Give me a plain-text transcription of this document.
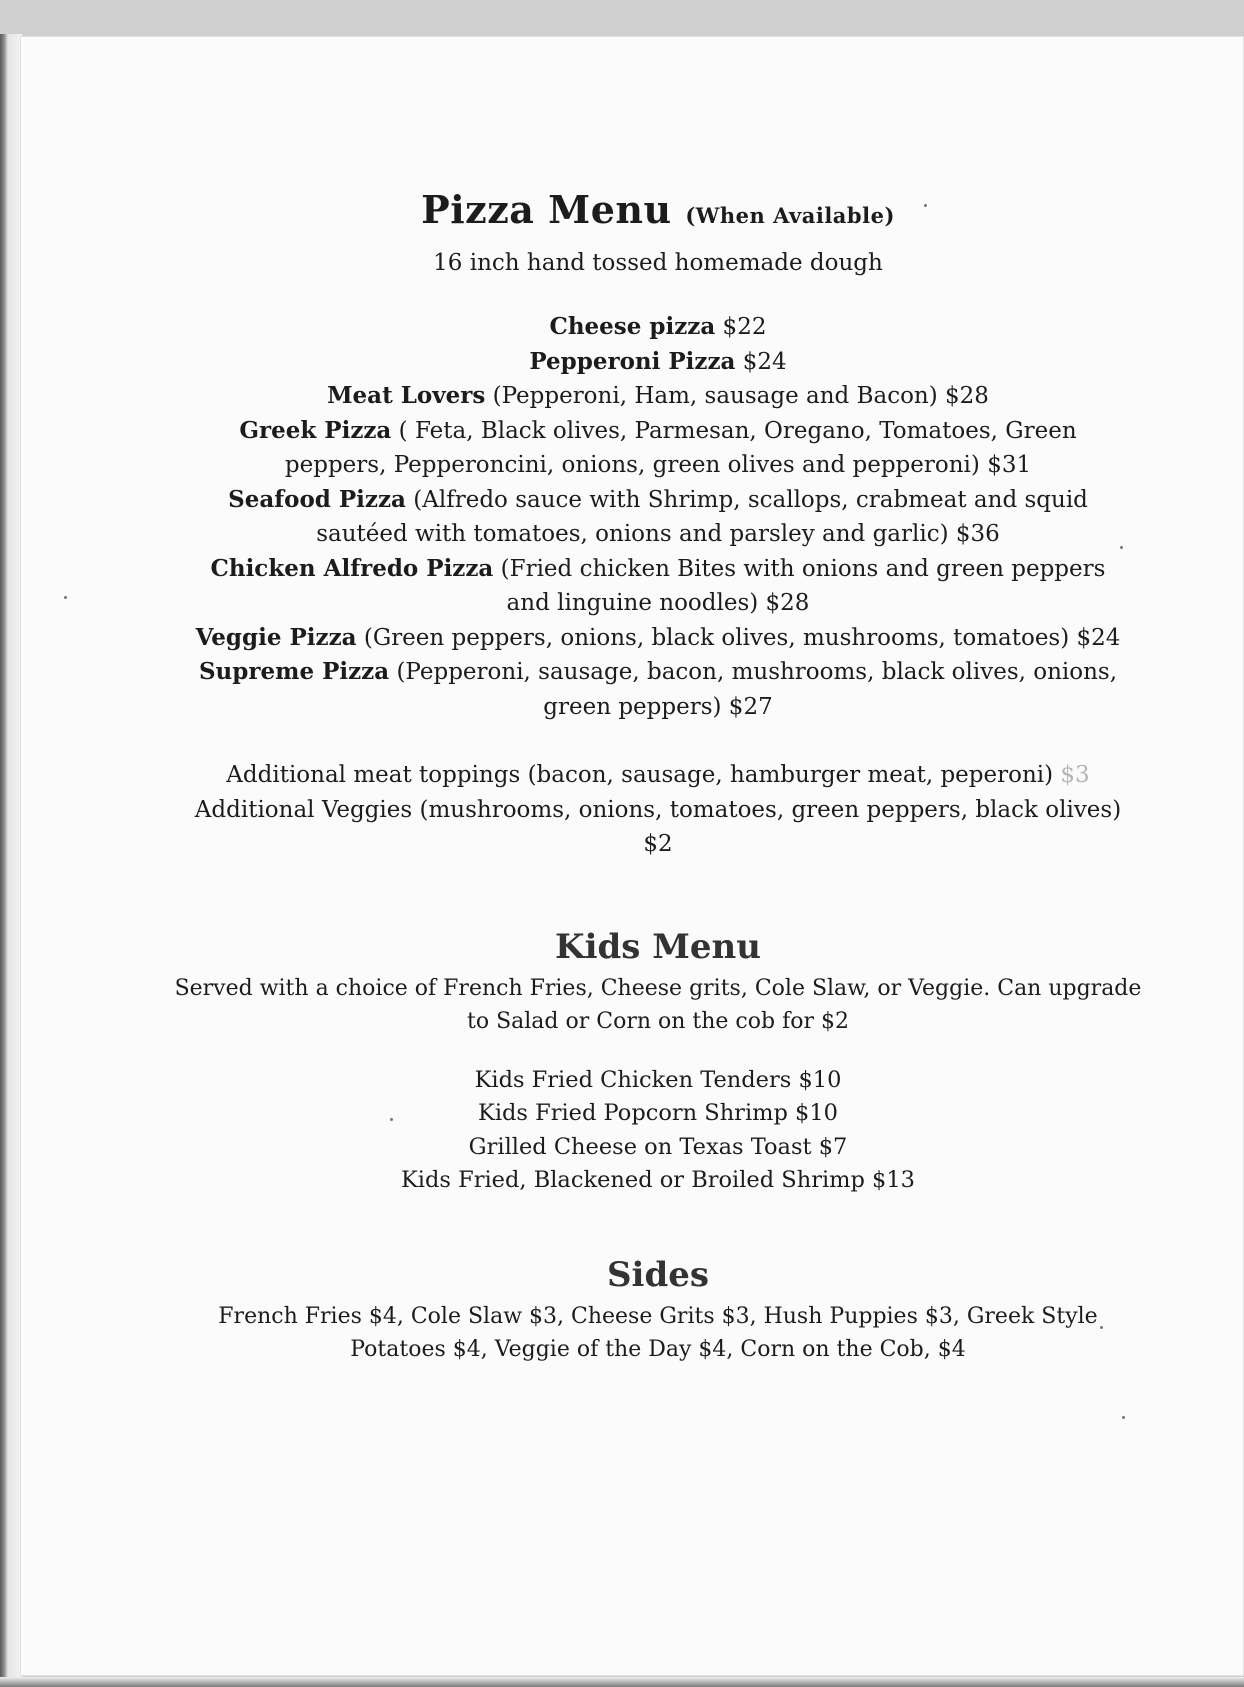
Pizza Menu (When Available)

16 inch hand tossed homemade dough

Cheese pizza $22

Pepperoni Pizza $24

Meat Lovers (Pepperoni, Ham, sausage and Bacon) $28

Greek Pizza ( Feta, Black olives, Parmesan, Oregano, Tomatoes, Green peppers, Pepperoncini, onions, green olives and pepperoni) $31

Seafood Pizza (Alfredo sauce with Shrimp, scallops, crabmeat and squid sautéed with tomatoes, onions and parsley and garlic) $36

Chicken Alfredo Pizza (Fried chicken Bites with onions and green peppers and linguine noodles) $28

Veggie Pizza (Green peppers, onions, black olives, mushrooms, tomatoes) $24

Supreme Pizza (Pepperoni, sausage, bacon, mushrooms, black olives, onions, green peppers) $27

Additional meat toppings (bacon, sausage, hamburger meat, peperoni) $3

Additional Veggies (mushrooms, onions, tomatoes, green peppers, black olives)

$2

Kids Menu

Served with a choice of French Fries, Cheese grits, Cole Slaw, or Veggie. Can upgrade to Salad or Corn on the cob for $2

Kids Fried Chicken Tenders $10

Kids Fried Popcorn Shrimp $10

Grilled Cheese on Texas Toast $7

Kids Fried, Blackened or Broiled Shrimp $13

Sides

French Fries $4, Cole Slaw $3, Cheese Grits $3, Hush Puppies $3, Greek Style Potatoes $4, Veggie of the Day $4, Corn on the Cob, $4
